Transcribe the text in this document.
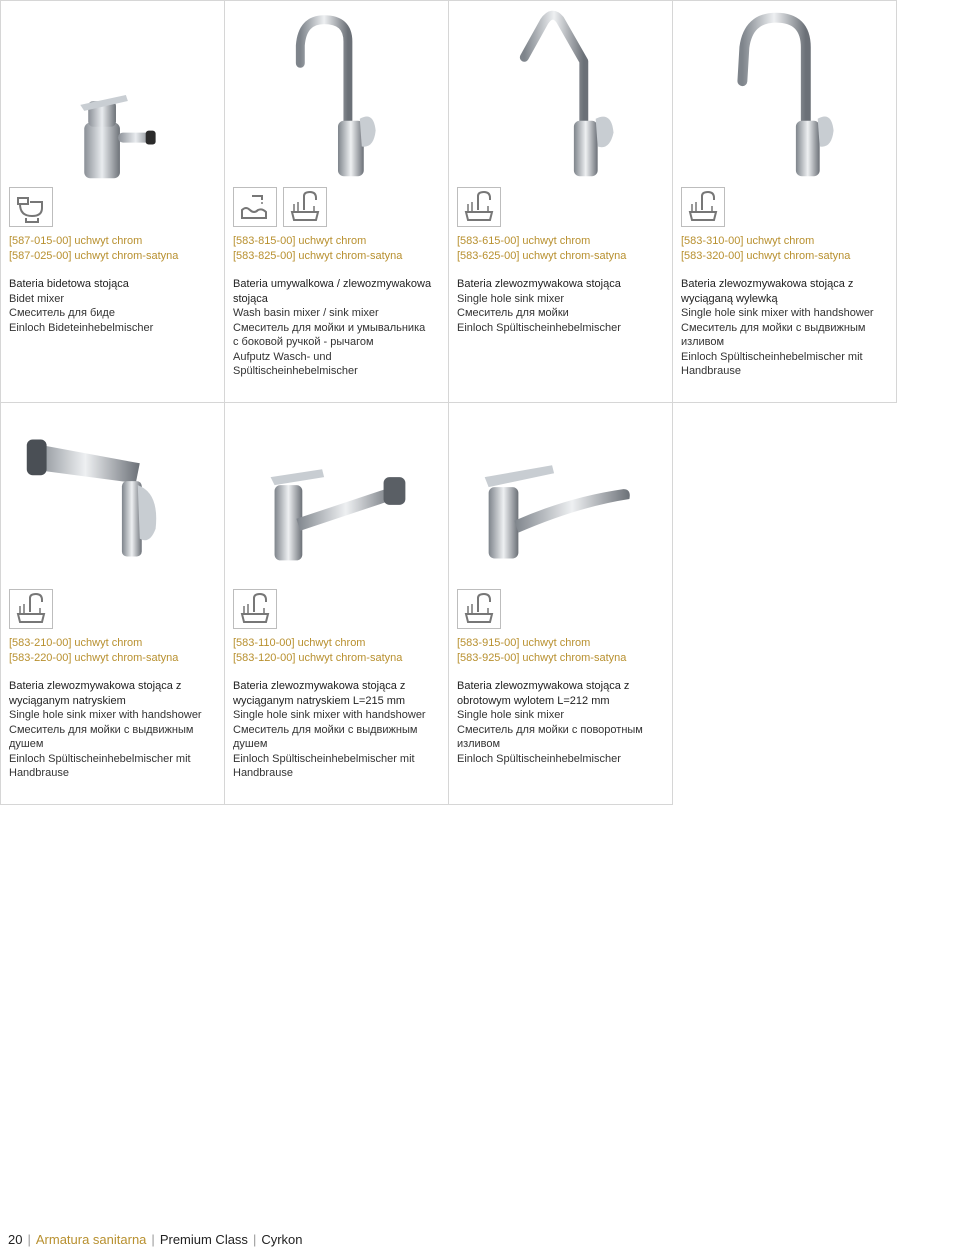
[587-015-00] uchwyt chrom
[587-025-00] uchwyt chrom-satyna
Bateria bidetowa stojąca
Bidet mixer
Смеситель для биде
Einloch Bideteinhebelmischer
[583-815-00] uchwyt chrom
[583-825-00] uchwyt chrom-satyna
Bateria umywalkowa / zlewozmywakowa stojąca
Wash basin mixer / sink mixer
Смеситель для мойки и умывальника
с боковой ручкой - рычагом
Aufputz Wasch- und
Spültischeinhebelmischer
[583-615-00] uchwyt chrom
[583-625-00] uchwyt chrom-satyna
Bateria zlewozmywakowa stojąca
Single hole sink mixer
Смеситель для мойки
Einloch Spültischeinhebelmischer
[583-310-00] uchwyt chrom
[583-320-00] uchwyt chrom-satyna
Bateria zlewozmywakowa stojąca z wyciąganą wylewką
Single hole sink mixer with handshower
Смеситель для мойки с выдвижным
изливом
Einloch Spültischeinhebelmischer mit
Handbrause
[583-210-00] uchwyt chrom
[583-220-00] uchwyt chrom-satyna
Bateria zlewozmywakowa stojąca z wyciąganym natryskiem
Single hole sink mixer with handshower
Смеситель для мойки с выдвижным
душем
Einloch Spültischeinhebelmischer mit
Handbrause
[583-110-00] uchwyt chrom
[583-120-00] uchwyt chrom-satyna
Bateria zlewozmywakowa stojąca z wyciąganym natryskiem L=215 mm
Single hole sink mixer with handshower
Смеситель для мойки с выдвижным
душем
Einloch Spültischeinhebelmischer mit
Handbrause
[583-915-00] uchwyt chrom
[583-925-00] uchwyt chrom-satyna
Bateria zlewozmywakowa stojąca z obrotowym wylotem L=212 mm
Single hole sink mixer
Смеситель для мойки с поворотным
изливом
Einloch Spültischeinhebelmischer
20 | Armatura sanitarna | Premium Class | Cyrkon
